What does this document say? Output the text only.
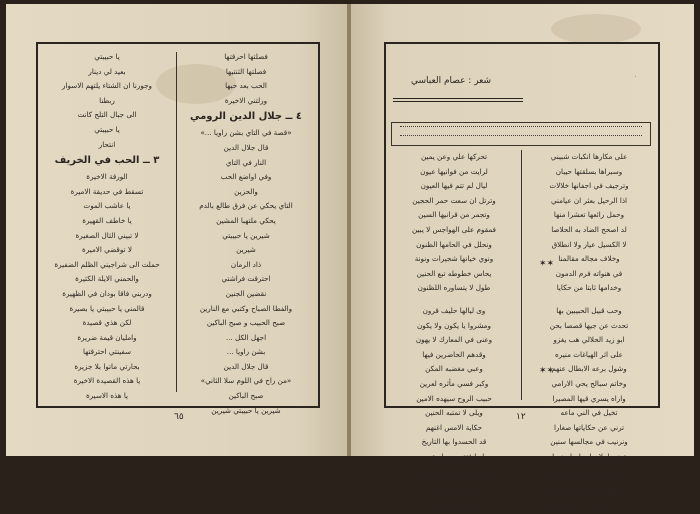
فصلتها احرقتها
فصلتها الثنتيها
الحب بعد حبها
ورلتني الاخيرة
٤ ــ جلال الدين الرومي
«قصة في التاي بشن راويا ...»
قال جلال الدين
النار في التاي
وفي اواضع الحب
والحزين
التاي يحكي عن فرق طالع بالدم
يحكي ملتهبا المشين
شيرين يا حبيبتي
شيرين
ذاد الرمان
احترقت فراشتي
نقضين الجنين
والفطا الصباح وكتبي مع النارين
صبح الحبيب و صبح الباكين
اجهل الكل ...
بشن راويا ...
قال جلال الدين
«من راح في اللوم سلا الثاني»
صبح الباكين
شيرين يا حبيبتي شيرين
يا حبيبتي
بعيد لي دينار
وجورنا ان الشتاء يلتهم الاسوار
ربطنا
الى جبال التلج كانت
يا حبيبتي
انتحار
٣ ــ الحب في الخريف
الورقة الاخيرة
تسقط في حديقة الاميرة
يا عاشب الموت
يا خاطف القهيرة
لا تبيني الثال الصغيرة
لا توقضي الاميرة
حملت الى شراجيني الظلم الضفيرة
والحمني الايلة الكثيرة
ودربني فاقا بودان في الظهيرة
قالمني يا حبيبتي يا بصيرة
لكن هذي قصيدة
وامليان قيمة ضريرة
سفينتي احترقتها
بحارتي ماتوا بلا جزيرة
يا هذه القصيدة الاخيرة
يا هذه الاسيرة
٦٥
شعر : عصام العباسي
على مكارها انكبات شبيني
وسبراها بسلقتها حيبان
وترجيف في اجفانها خلالات
اذا الرحيل بعثر ان عيامني
وحمل رائعها تعشرا منها
لد اصحح الضاد به الحلاصا
لا الكسيل عيار ولا انطلاق
وخلاف مجاله مقالمنا
في هنواته فرم الدمون
وخدامها ثابتا من حكايا
وحب قبيل الحبيبين بها
تحدث عن جيها قصصا بحن
ابو زيد الحلالي هب يغزو
على اثر الهياغات منيره
وشول برعه الابطال عنهم
وخاتم سبالح يحي الارامي
واراه يسري قيها المصيرا
تخيل في الني ماعه
ترني عن حكاياتها صغارا
ونرنيب في مجالسها سنين
ترني احلامها صاروا جنودا
وعنت لخا من التاريخ شتى
من الاتراك لم عطوا وحلوا
تحدثت عن جدود ... عن جدود
تحركها علي وعن يمين
لرايت من فوانيها عيون
ليال لم تتم فيها العيون
وترتل ان سعت حمر الحجين
وتجمر من قرانيها السين
فمقوم على الهواجس لا يبين
ونحلل في الحامها الظنون
ونوي خيانها شجيرات ونونة
يحاس خطوطه تبع الحنين
طول لا يتساوره اللظنون
وى ليالها حليف قرون
ومشروا يا يكون ولا يكون
وعنى في المعارك لا يهون
وقدهم الحاضرين فيها
وعبي مغضبه المكن
وكبر فسي مأثره لعرين
حبيب الروح سيهده الامين
ويلى لا تمتبه الحنين
حكاية الامس اغنهم
قد الحسدوا بها التاريخ
ليها فتقوم جبيل عين
بيها الحدث الرر او العزين
عن الجزار لـواء العنون
يسوع طالة وصوا قليل
✶✶
✶✶
١٢
